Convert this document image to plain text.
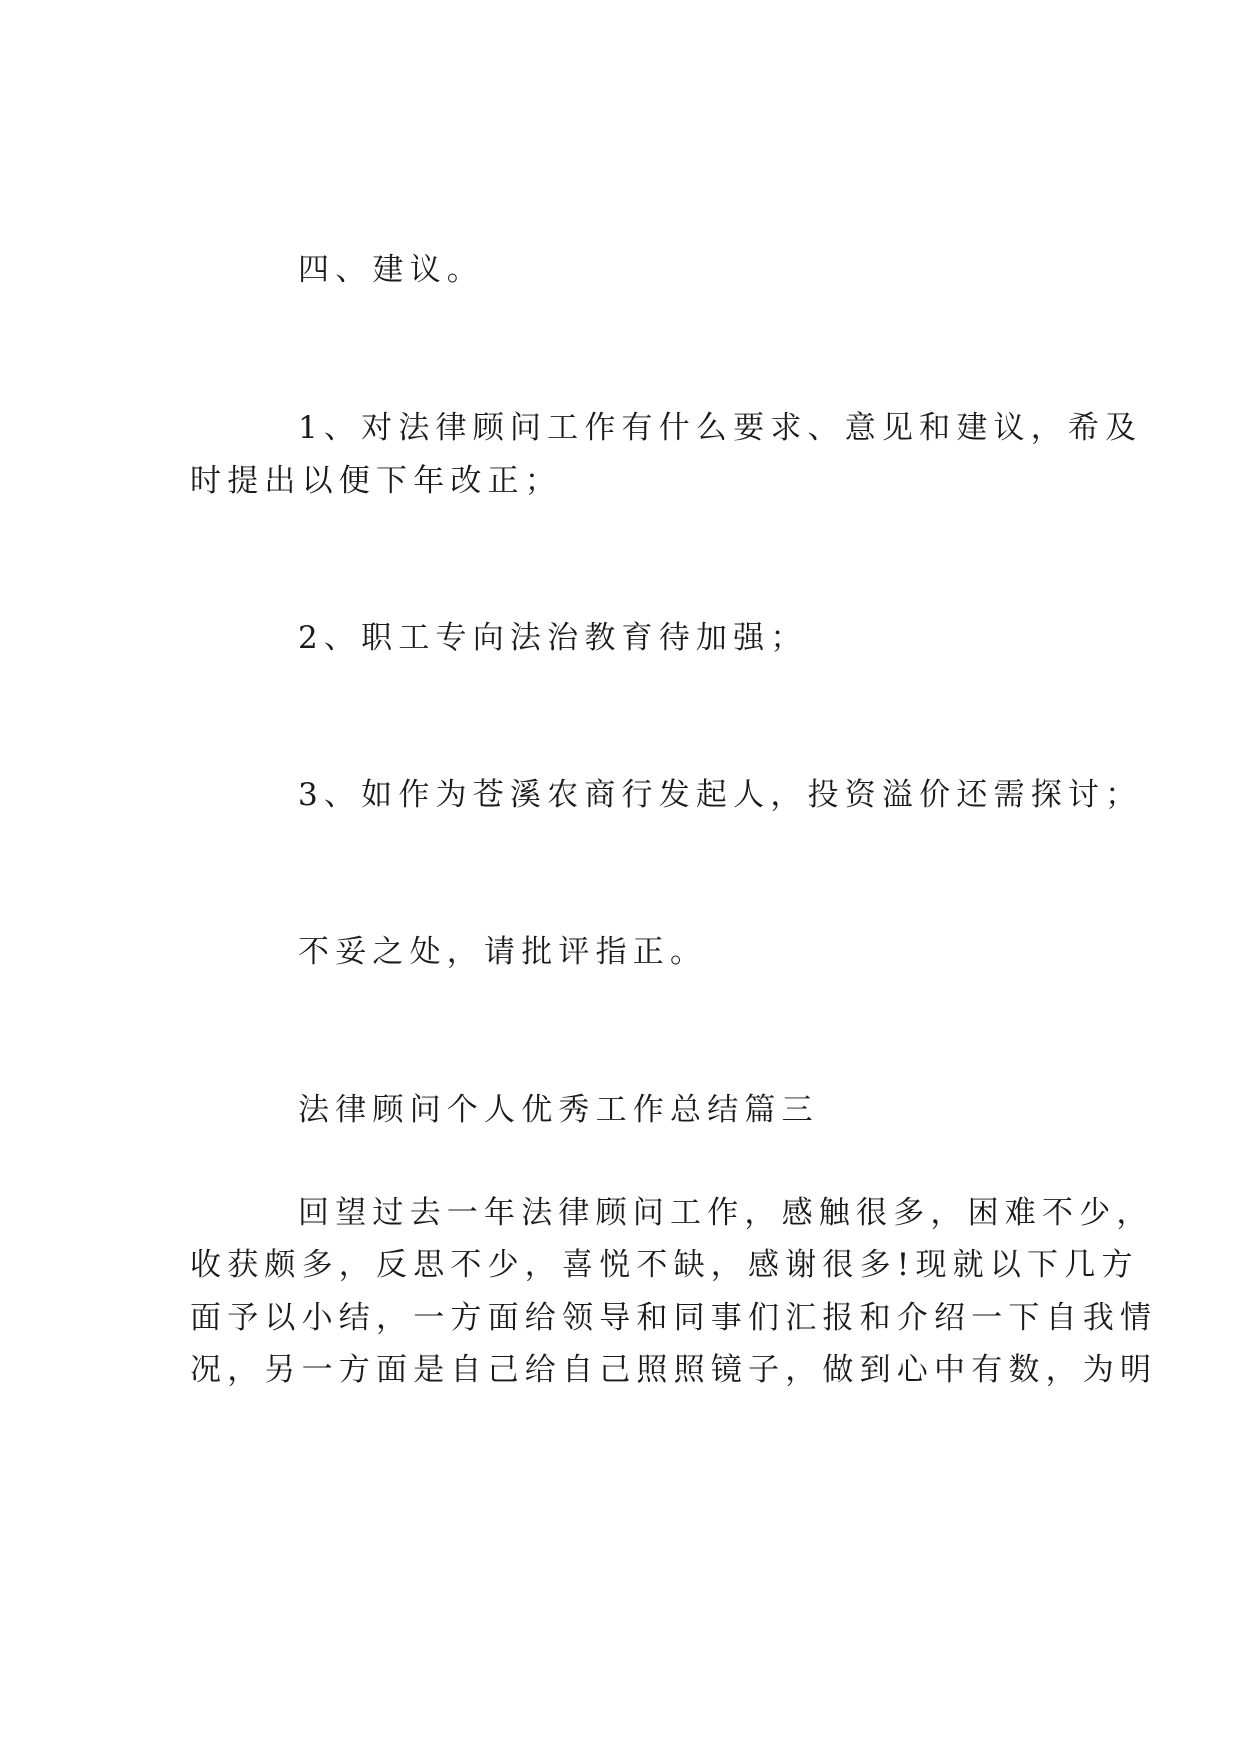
四、建议。
1、对法律顾问工作有什么要求、意见和建议，希及
时提出以便下年改正；
2、职工专向法治教育待加强；
3、如作为苍溪农商行发起人，投资溢价还需探讨；
不妥之处，请批评指正。
法律顾问个人优秀工作总结篇三
回望过去一年法律顾问工作，感触很多，困难不少，
收获颇多，反思不少，喜悦不缺，感谢很多!现就以下几方
面予以小结，一方面给领导和同事们汇报和介绍一下自我情
况，另一方面是自己给自己照照镜子，做到心中有数，为明
